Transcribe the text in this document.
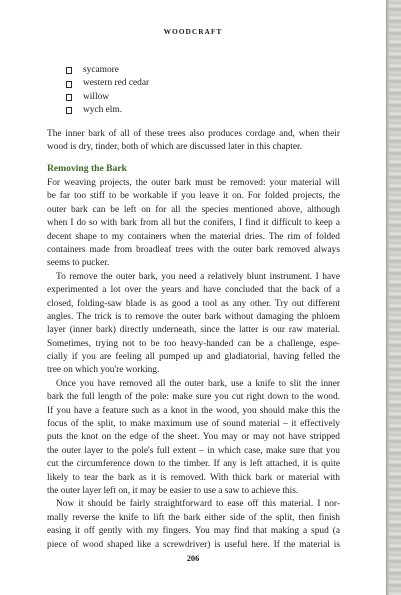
WOODCRAFT
sycamore
western red cedar
willow
wych elm.
The inner bark of all of these trees also produces cordage and, when their
wood is dry, tinder, both of which are discussed later in this chapter.
Removing the Bark
For weaving projects, the outer bark must be removed: your material will
be far too stiff to be workable if you leave it on. For folded projects, the
outer bark can be left on for all the species mentioned above, although
when I do so with bark from all but the conifers, I find it difficult to keep a
decent shape to my containers when the material dries. The rim of folded
containers made from broadleaf trees with the outer bark removed always
seems to pucker.
To remove the outer bark, you need a relatively blunt instrument. I have
experimented a lot over the years and have concluded that the back of a
closed, folding-saw blade is as good a tool as any other. Try out different
angles. The trick is to remove the outer bark without damaging the phloem
layer (inner bark) directly underneath, since the latter is our raw material.
Sometimes, trying not to be too heavy-handed can be a challenge, espe-
cially if you are feeling all pumped up and gladiatorial, having felled the
tree on which you're working.
Once you have removed all the outer bark, use a knife to slit the inner
bark the full length of the pole: make sure you cut right down to the wood.
If you have a feature such as a knot in the wood, you should make this the
focus of the split, to make maximum use of sound material – it effectively
puts the knot on the edge of the sheet. You may or may not have stripped
the outer layer to the pole's full extent – in which case, make sure that you
cut the circumference down to the timber. If any is left attached, it is quite
likely to tear the bark as it is removed. With thick bark or material with
the outer layer left on, it may be easier to use a saw to achieve this.
Now it should be fairly straightforward to ease off this material. I nor-
mally reverse the knife to lift the bark either side of the split, then finish
easing it off gently with my fingers. You may find that making a spud (a
piece of wood shaped like a screwdriver) is useful here. If the material is
206
